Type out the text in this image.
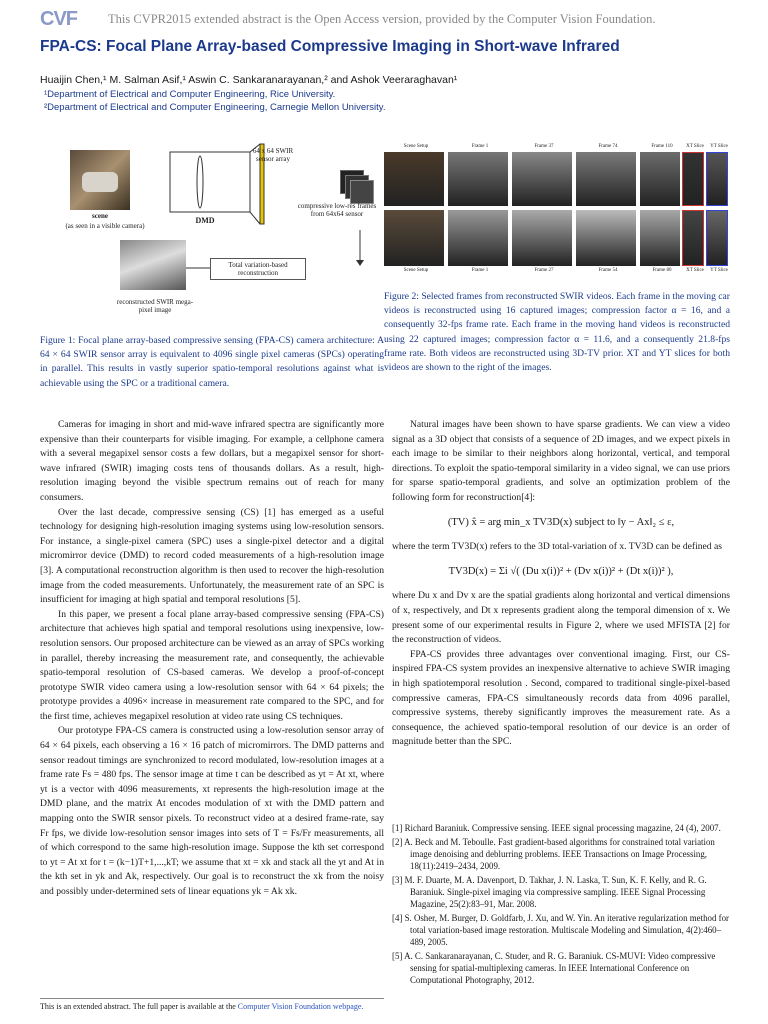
CVF This CVPR2015 extended abstract is the Open Access version, provided by the Computer Vision Foundation.
FPA-CS: Focal Plane Array-based Compressive Imaging in Short-wave Infrared
Huaijin Chen,¹ M. Salman Asif,¹ Aswin C. Sankaranarayanan,² and Ashok Veeraraghavan¹
¹Department of Electrical and Computer Engineering, Rice University.
²Department of Electrical and Computer Engineering, Carnegie Mellon University.
scene
(as seen in a visible camera)
DMD
64 x 64 SWIR sensor array
compressive low-res frames from 64x64 sensor
Total variation-based reconstruction
reconstructed SWIR mega-pixel image
Figure 1: Focal plane array-based compressive sensing (FPA-CS) camera architecture: A 64 × 64 SWIR sensor array is equivalent to 4096 single pixel cameras (SPCs) operating in parallel. This results in vastly superior spatio-temporal resolutions against what is achievable using the SPC or a traditional camera.
Scene Setup	Frame 1	Frame 37	Frame 74	Frame 110	XT Slice	YT Slice
Scene Setup	Frame 1	Frame 27	Frame 54	Frame 80	XT Slice	YT Slice
Figure 2: Selected frames from reconstructed SWIR videos. Each frame in the moving car videos is reconstructed using 16 captured images; compression factor α = 16, and a consequently 32-fps frame rate. Each frame in the moving hand videos is reconstructed using 22 captured images; compression factor α = 11.6, and a consequently 21.8-fps frame rate. Both videos are reconstructed using 3D-TV prior. XT and YT slices for both videos are shown to the right of the images.

Cameras for imaging in short and mid-wave infrared spectra are significantly more expensive than their counterparts for visible imaging. For example, a cellphone camera with a several megapixel sensor costs a few dollars, but a megapixel sensor for short-wave infrared (SWIR) imaging costs tens of thousands dollars. As a result, high-resolution imaging beyond the visible spectrum remains out of reach for many consumers.

Over the last decade, compressive sensing (CS) [1] has emerged as a useful technology for designing high-resolution imaging systems using low-resolution sensors. For instance, a single-pixel camera (SPC) uses a single-pixel detector and a digital micromirror device (DMD) to record coded measurements of a high-resolution image [3]. A computational reconstruction algorithm is then used to recover the high-resolution image from the coded measurements. Unfortunately, the measurement rate of an SPC is insufficient for imaging at high spatial and temporal resolutions [5].

In this paper, we present a focal plane array-based compressive sensing (FPA-CS) architecture that achieves high spatial and temporal resolutions using inexpensive, low-resolution sensors. Our proposed architecture can be viewed as an array of SPCs working in parallel, thereby increasing the measurement rate, and consequently, the achievable spatio-temporal resolution of CS-based cameras. We develop a proof-of-concept prototype SWIR video camera using a low-resolution sensor with 64 × 64 pixels; the prototype provides a 4096× increase in measurement rate compared to the SPC, and for the first time, achieves megapixel resolution at video rate using CS techniques.

Our prototype FPA-CS camera is constructed using a low-resolution sensor array of 64 × 64 pixels, each observing a 16 × 16 patch of micromirrors. The DMD patterns and sensor readout timings are synchronized to record modulated, low-resolution images at a frame rate Fs = 480 fps. The sensor image at time t can be described as yt = At xt, where yt is a vector with 4096 measurements, xt represents the high-resolution image at the DMD plane, and the matrix At encodes modulation of xt with the DMD pattern and mapping onto the SWIR sensor pixels. To reconstruct video at a desired frame-rate, say Fr fps, we divide low-resolution sensor images into sets of T = Fs/Fr measurements, all of which correspond to the same high-resolution image. Suppose the kth set correspond to yt = At xt for t = (k−1)T+1,...,kT; we assume that xt = xk and stack all the yt and At in the kth set in yk and Ak, respectively. Our goal is to reconstruct the xk from the noisy and possibly under-determined sets of linear equations yk = Ak xk.

Natural images have been shown to have sparse gradients. We can view a video signal as a 3D object that consists of a sequence of 2D images, and we expect pixels in each image to be similar to their neighbors along horizontal, vertical, and temporal directions. To exploit the spatio-temporal similarity in a video signal, we can use priors for sparse spatio-temporal gradients, and solve an optimization problem of the following form for reconstruction[4]:

(TV) x̂ = arg min_x TV3D(x) subject to ‖y − Ax‖₂ ≤ ε,

where the term TV3D(x) refers to the 3D total-variation of x. TV3D can be defined as

TV3D(x) = Σi √( (Du x(i))² + (Dv x(i))² + (Dt x(i))² ),

where Du x and Dv x are the spatial gradients along horizontal and vertical dimensions of x, respectively, and Dt x represents gradient along the temporal dimension of x. We present some of our experimental results in Figure 2, where we used MFISTA [2] for the reconstruction of videos.

FPA-CS provides three advantages over conventional imaging. First, our CS-inspired FPA-CS system provides an inexpensive alternative to achieve SWIR imaging in high spatiotemporal resolution . Second, compared to traditional single-pixel-based compressive cameras, FPA-CS simultaneously records data from 4096 parallel, compressive systems, thereby significantly improves the measurement rate. As a consequence, the achieved spatio-temporal resolution of our device is an order of magnitude better than the SPC.

[1] Richard Baraniuk. Compressive sensing. IEEE signal processing magazine, 24 (4), 2007.
[2] A. Beck and M. Teboulle. Fast gradient-based algorithms for constrained total variation image denoising and deblurring problems. IEEE Transactions on Image Processing, 18(11):2419–2434, 2009.
[3] M. F. Duarte, M. A. Davenport, D. Takhar, J. N. Laska, T. Sun, K. F. Kelly, and R. G. Baraniuk. Single-pixel imaging via compressive sampling. IEEE Signal Processing Magazine, 25(2):83–91, Mar. 2008.
[4] S. Osher, M. Burger, D. Goldfarb, J. Xu, and W. Yin. An iterative regularization method for total variation-based image restoration. Multiscale Modeling and Simulation, 4(2):460–489, 2005.
[5] A. C. Sankaranarayanan, C. Studer, and R. G. Baraniuk. CS-MUVI: Video compressive sensing for spatial-multiplexing cameras. In IEEE International Conference on Computational Photography, 2012.
This is an extended abstract. The full paper is available at the Computer Vision Foundation webpage.
